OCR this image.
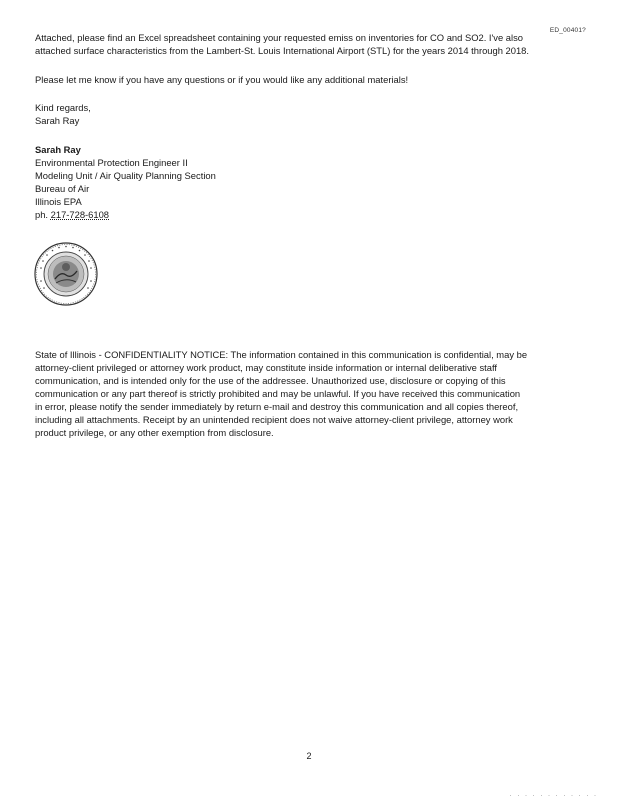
ED_00401?

Attached, please find an Excel spreadsheet containing your requested emiss on inventories for CO and SO2. I've also

attached surface characteristics from the Lambert-St. Louis International Airport (STL) for the years 2014 through 2018.

Please let me know if you have any questions or if you would like any additional materials!

Kind regards,

Sarah Ray

Sarah Ray

Environmental Protection Engineer II

Modeling Unit / Air Quality Planning Section

Bureau of Air

Illinois EPA

ph. 217-728-6108

State of Illinois - CONFIDENTIALITY NOTICE: The information contained in this communication is confidential, may be

attorney-client privileged or attorney work product, may constitute inside information or internal deliberative staff

communication, and is intended only for the use of the addressee. Unauthorized use, disclosure or copying of this

communication or any part thereof is strictly prohibited and may be unlawful. If you have received this communication

in error, please notify the sender immediately by return e-mail and destroy this communication and all copies thereof,

including all attachments. Receipt by an unintended recipient does not waive attorney-client privilege, attorney work

product privilege, or any other exemption from disclosure.

2
· · · · · · · · · · · ·
